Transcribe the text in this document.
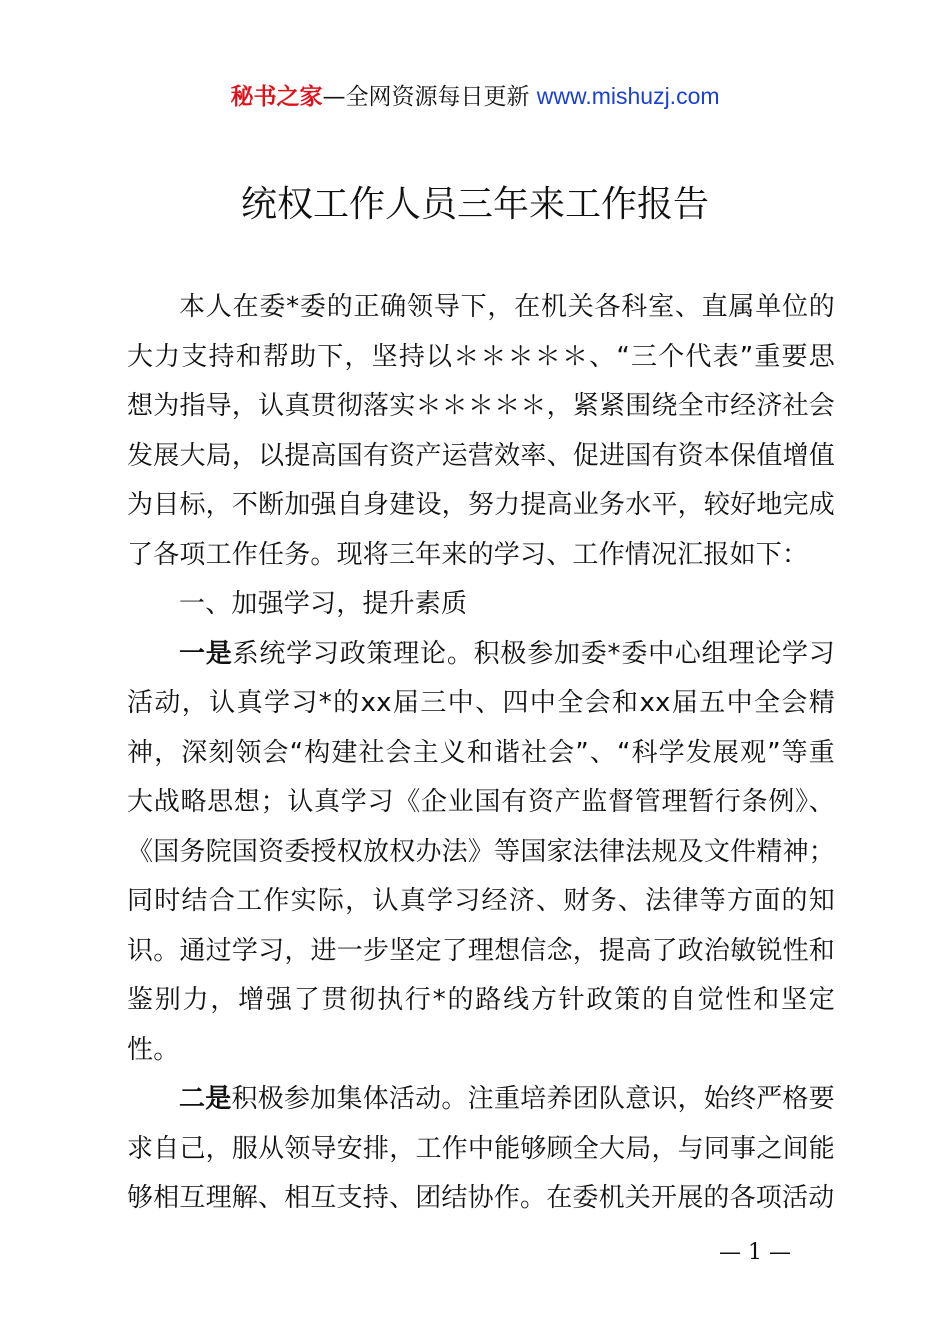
秘书之家—全网资源每日更新 www.mishuzj.com
统权工作人员三年来工作报告

本人在委*委的正确领导下，在机关各科室、直属单位的大力支持和帮助下，坚持以＊＊＊＊＊、“三个代表”重要思想为指导，认真贯彻落实＊＊＊＊＊，紧紧围绕全市经济社会发展大局，以提高国有资产运营效率、促进国有资本保值增值为目标，不断加强自身建设，努力提高业务水平，较好地完成了各项工作任务。现将三年来的学习、工作情况汇报如下：

一、加强学习，提升素质

一是系统学习政策理论。积极参加委*委中心组理论学习活动，认真学习*的xx届三中、四中全会和xx届五中全会精神，深刻领会“构建社会主义和谐社会”、“科学发展观”等重大战略思想；认真学习《企业国有资产监督管理暂行条例》、《国务院国资委授权放权办法》等国家法律法规及文件精神；同时结合工作实际，认真学习经济、财务、法律等方面的知识。通过学习，进一步坚定了理想信念，提高了政治敏锐性和鉴别力，增强了贯彻执行*的路线方针政策的自觉性和坚定性。

二是积极参加集体活动。注重培养团队意识，始终严格要求自己，服从领导安排，工作中能够顾全大局，与同事之间能够相互理解、相互支持、团结协作。在委机关开展的各项活动

— 1 —
